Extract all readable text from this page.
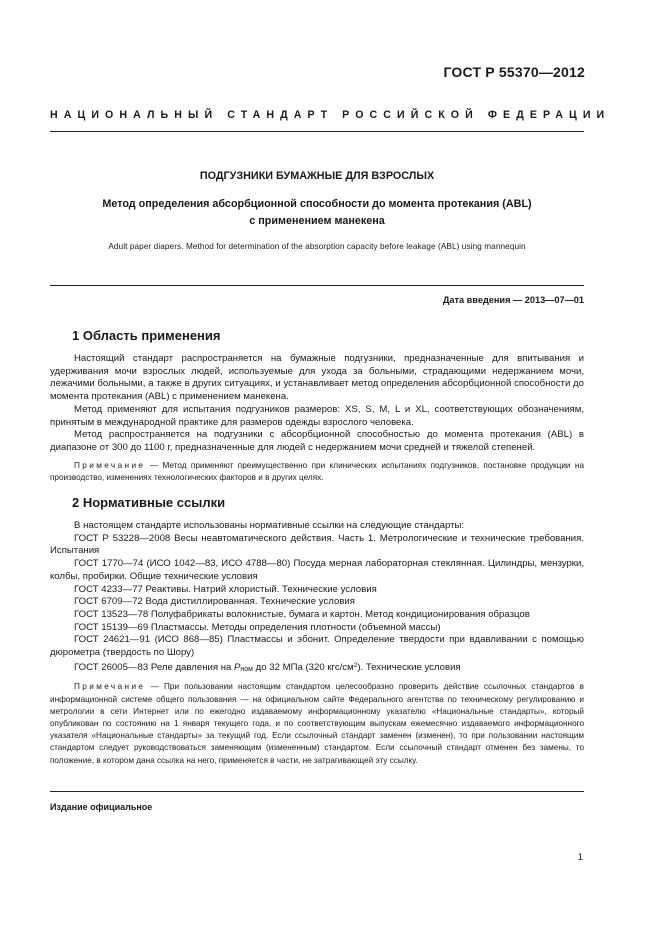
ГОСТ Р 55370—2012
НАЦИОНАЛЬНЫЙ СТАНДАРТ РОССИЙСКОЙ ФЕДЕРАЦИИ
ПОДГУЗНИКИ БУМАЖНЫЕ ДЛЯ ВЗРОСЛЫХ
Метод определения абсорбционной способности до момента протекания (ABL)
с применением манекена
Adult paper diapers. Method for determination of the absorption capacity before leakage (ABL) using mannequin
Дата введения — 2013—07—01
1 Область применения

Настоящий стандарт распространяется на бумажные подгузники, предназначенные для впитывания и удерживания мочи взрослых людей, используемые для ухода за больными, страдающими недержанием мочи, лежачими больными, а также в других ситуациях, и устанавливает метод определения абсорбционной способности до момента протекания (ABL) с применением манекена.

Метод применяют для испытания подгузников размеров: XS, S, M, L и XL, соответствующих обозначениям, принятым в международной практике для размеров одежды взрослого человека.

Метод распространяется на подгузники с абсорбционной способностью до момента протекания (ABL) в диапазоне от 300 до 1100 г, предназначенные для людей с недержанием мочи средней и тяжелой степеней.

Примечание — Метод применяют преимущественно при клинических испытаниях подгузников, постановке продукции на производство, изменениях технологических факторов и в других целях.

2 Нормативные ссылки

В настоящем стандарте использованы нормативные ссылки на следующие стандарты:

ГОСТ Р 53228—2008 Весы неавтоматического действия. Часть 1. Метрологические и технические требования. Испытания

ГОСТ 1770—74 (ИСО 1042—83, ИСО 4788—80) Посуда мерная лабораторная стеклянная. Цилиндры, мензурки, колбы, пробирки. Общие технические условия

ГОСТ 4233—77 Реактивы. Натрий хлористый. Технические условия

ГОСТ 6709—72 Вода дистиллированная. Технические условия

ГОСТ 13523—78 Полуфабрикаты волокнистые, бумага и картон. Метод кондиционирования образцов

ГОСТ 15139—69 Пластмассы. Методы определения плотности (объемной массы)

ГОСТ 24621—91 (ИСО 868—85) Пластмассы и эбонит. Определение твердости при вдавливании с помощью дюрометра (твердость по Шору)

ГОСТ 26005—83 Реле давления на Pном до 32 МПа (320 кгс/$см^2$). Технические условия

Примечание — При пользовании настоящим стандартом целесообразно проверить действие ссылочных стандартов в информационной системе общего пользования — на официальном сайте Федерального агентства по техническому регулированию и метрологии в сети Интернет или по ежегодно издаваемому информационному указателю «Национальные стандарты», который опубликован по состоянию на 1 января текущего года, и по соответствующим выпускам ежемесячно издаваемого информационного указателя «Национальные стандарты» за текущий год. Если ссылочный стандарт заменен (изменен), то при пользовании настоящим стандартом следует руководствоваться заменяющим (измененным) стандартом. Если ссылочный стандарт отменен без замены, то положение, в котором дана ссылка на него, применяется в части, не затрагивающей эту ссылку.

Издание официальное
1
